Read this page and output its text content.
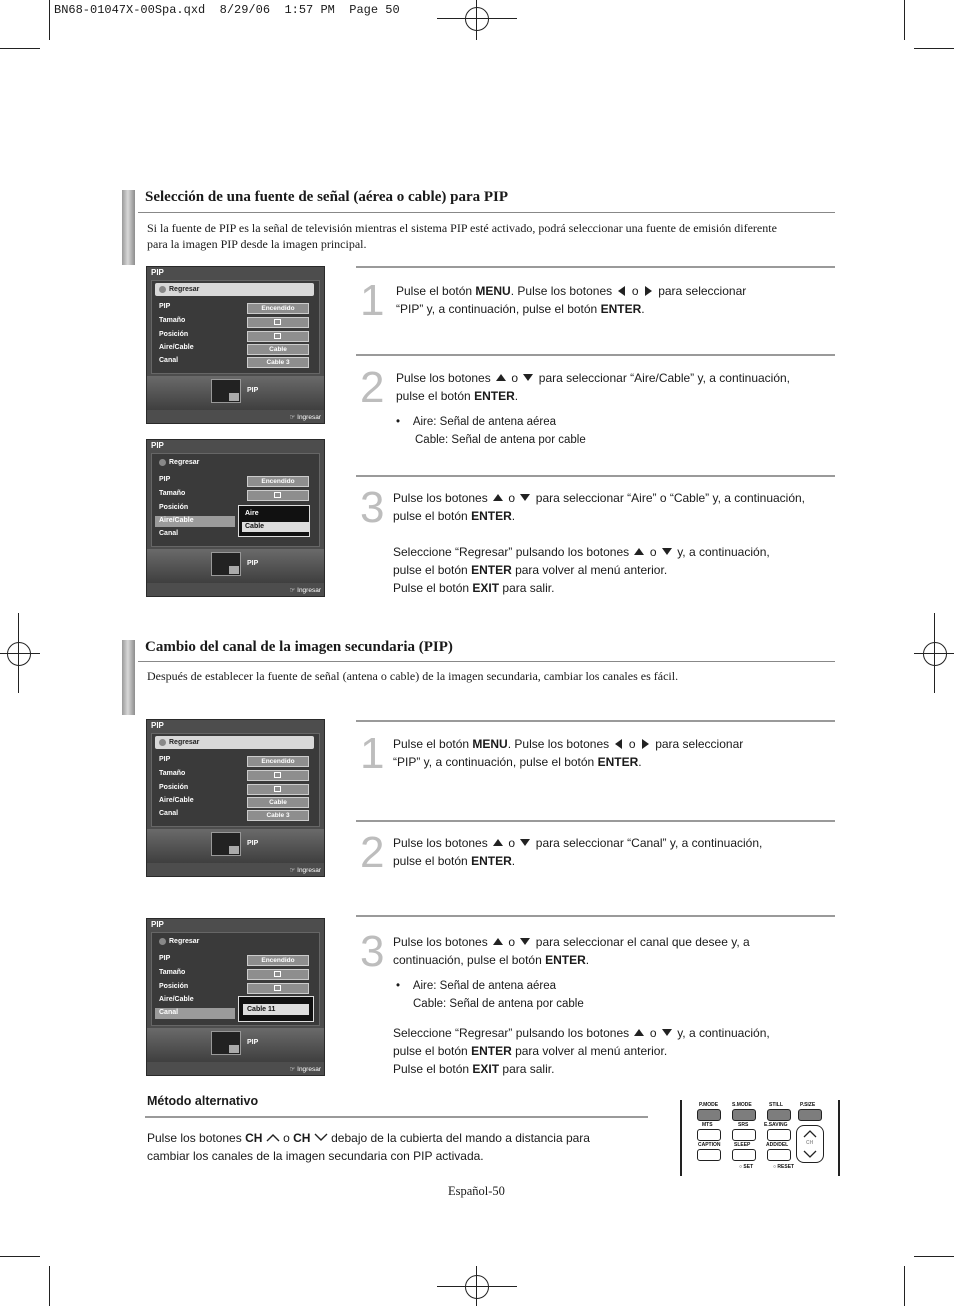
BN68-01047X-00Spa.qxd  8/29/06  1:57 PM  Page 50
Selección de una fuente de señal (aérea o cable) para PIP
Si la fuente de PIP es la señal de televisión mientras el sistema PIP esté activado, podrá seleccionar una fuente de emisión diferente para la imagen PIP desde la imagen principal.
1 Pulse el botón MENU. Pulse los botones  o para seleccionar
“PIP” y, a continuación, pulse el botón ENTER.
2 Pulse los botones  o  para seleccionar “Aire/Cable” y, a continuación,
pulse el botón ENTER.
•    Aire: Señal de antena aérea
Cable: Señal de antena por cable
3 Pulse los botones  o  para seleccionar “Aire” o “Cable” y, a continuación,
pulse el botón ENTER.

Seleccione “Regresar” pulsando los botones  o  y, a continuación,
pulse el botón ENTER para volver al menú anterior.
Pulse el botón EXIT para salir.
PIP
Regresar
PIP
Tamaño
Posición
Aire/Cable
Canal
Encendido
Cable
Cable 3
PIP
☞ Ingresar
PIP
Regresar
PIP
Tamaño
Posición
Aire/Cable
Canal
Encendido
Aire
Cable
PIP
☞ Ingresar
Cambio del canal de la imagen secundaria (PIP)
Después de establecer la fuente de señal (antena o cable) de la imagen secundaria, cambiar los canales es fácil.
1 Pulse el botón MENU. Pulse los botones  o para seleccionar
“PIP” y, a continuación, pulse el botón ENTER.
2 Pulse los botones  o  para seleccionar “Canal” y, a continuación,
pulse el botón ENTER.
3 Pulse los botones  o  para seleccionar el canal que desee y, a
continuación, pulse el botón ENTER.
•    Aire: Señal de antena aérea
Cable: Señal de antena por cable
Seleccione “Regresar” pulsando los botones  o  y, a continuación,
pulse el botón ENTER para volver al menú anterior.
Pulse el botón EXIT para salir.
PIP
Regresar
PIP
Tamaño
Posición
Aire/Cable
Canal
Encendido
Cable
Cable 3
PIP
☞ Ingresar
PIP
Regresar
PIP
Tamaño
Posición
Aire/Cable
Canal
Encendido
Cable 11
PIP
☞ Ingresar
Método alternativo
Pulse los botones CH  o CH  debajo de la cubierta del mando a distancia para
cambiar los canales de la imagen secundaria con PIP activada.
P.MODE	S.MODE	STILL	P.SIZE
MTS	SRS	E.SAVING
CAPTION	SLEEP	ADD/DEL	CH
○ SET	○ RESET
Español-50
